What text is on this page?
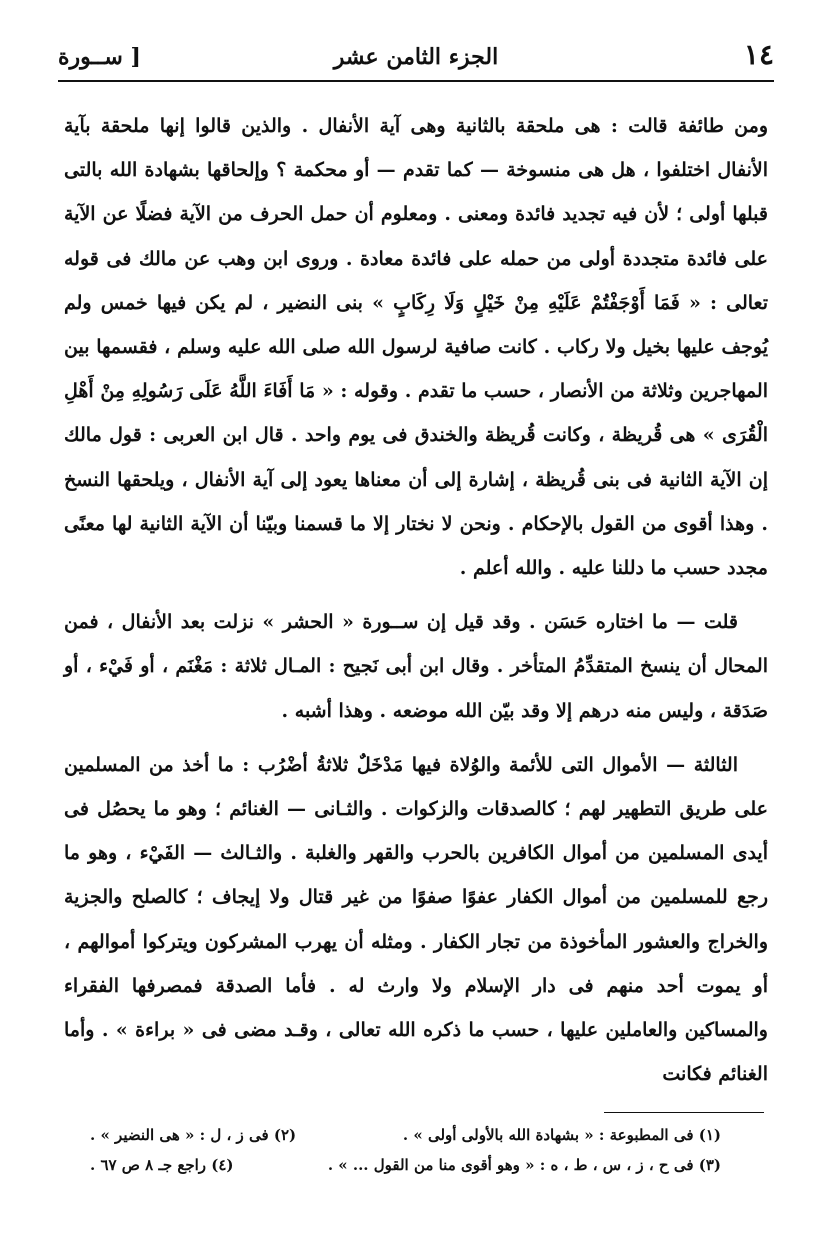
١٤
الجزء الثامن عشر
[ ســورة

ومن طائفة قالت : هى ملحقة بالثانية وهى آية الأنفال . والذين قالوا إنها ملحقة بآية الأنفال اختلفوا ، هل هى منسوخة — كما تقدم — أو محكمة ؟ وإلحاقها بشهادة الله بالتى قبلها أولى ؛ لأن فيه تجديد فائدة ومعنى . ومعلوم أن حمل الحرف من الآية فضلًا عن الآية على فائدة متجددة أولى من حمله على فائدة معادة . وروى ابن وهب عن مالك فى قوله تعالى : « فَمَا أَوْجَفْتُمْ عَلَيْهِ مِنْ خَيْلٍ وَلَا رِكَابٍ » بنى النضير ، لم يكن فيها خمس ولم يُوجف عليها بخيل ولا ركاب . كانت صافية لرسول الله صلى الله عليه وسلم ، فقسمها بين المهاجرين وثلاثة من الأنصار ، حسب ما تقدم . وقوله : « مَا أَفَاءَ اللَّهُ عَلَى رَسُولِهِ مِنْ أَهْلِ الْقُرَى » هى قُريظة ، وكانت قُريظة والخندق فى يوم واحد . قال ابن العربى : قول مالك إن الآية الثانية فى بنى قُريظة ، إشارة إلى أن معناها يعود إلى آية الأنفال ، ويلحقها النسخ . وهذا أقوى من القول بالإحكام . ونحن لا نختار إلا ما قسمنا وبيّنا أن الآية الثانية لها معنًى مجدد حسب ما دللنا عليه . والله أعلم .

قلت — ما اختاره حَسَن . وقد قيل إن ســورة « الحشر » نزلت بعد الأنفال ، فمن المحال أن ينسخ المتقدِّمُ المتأخر . وقال ابن أبى نَجيح : المـال ثلاثة : مَغْنَم ، أو فَيْء ، أو صَدَقة ، وليس منه درهم إلا وقد بيّن الله موضعه . وهذا أشبه .

الثالثة — الأموال التى للأئمة والوُلاة فيها مَدْخَلٌ ثلاثةُ أضْرُب : ما أخذ من المسلمين على طريق التطهير لهم ؛ كالصدقات والزكوات . والثـانى — الغنائم ؛ وهو ما يحصُل فى أيدى المسلمين من أموال الكافرين بالحرب والقهر والغلبة . والثـالث — الفَيْء ، وهو ما رجع للمسلمين من أموال الكفار عفوًا صفوًا من غير قتال ولا إيجاف ؛ كالصلح والجزية والخراج والعشور المأخوذة من تجار الكفار . ومثله أن يهرب المشركون ويتركوا أموالهم ، أو يموت أحد منهم فى دار الإسلام ولا وارث له . فأما الصدقة فمصرفها الفقراء والمساكين والعاملين عليها ، حسب ما ذكره الله تعالى ، وقـد مضى فى « براءة » . وأما الغنائم فكانت

(١) فى المطبوعة : « بشهادة الله بالأولى أولى » .
(٢) فى ز ، ل : « هى النضير » .
(٣) فى ح ، ز ، س ، ط ، ه : « وهو أقوى منا من القول ... » .
(٤) راجع جـ ٨ ص ٦٧ .
